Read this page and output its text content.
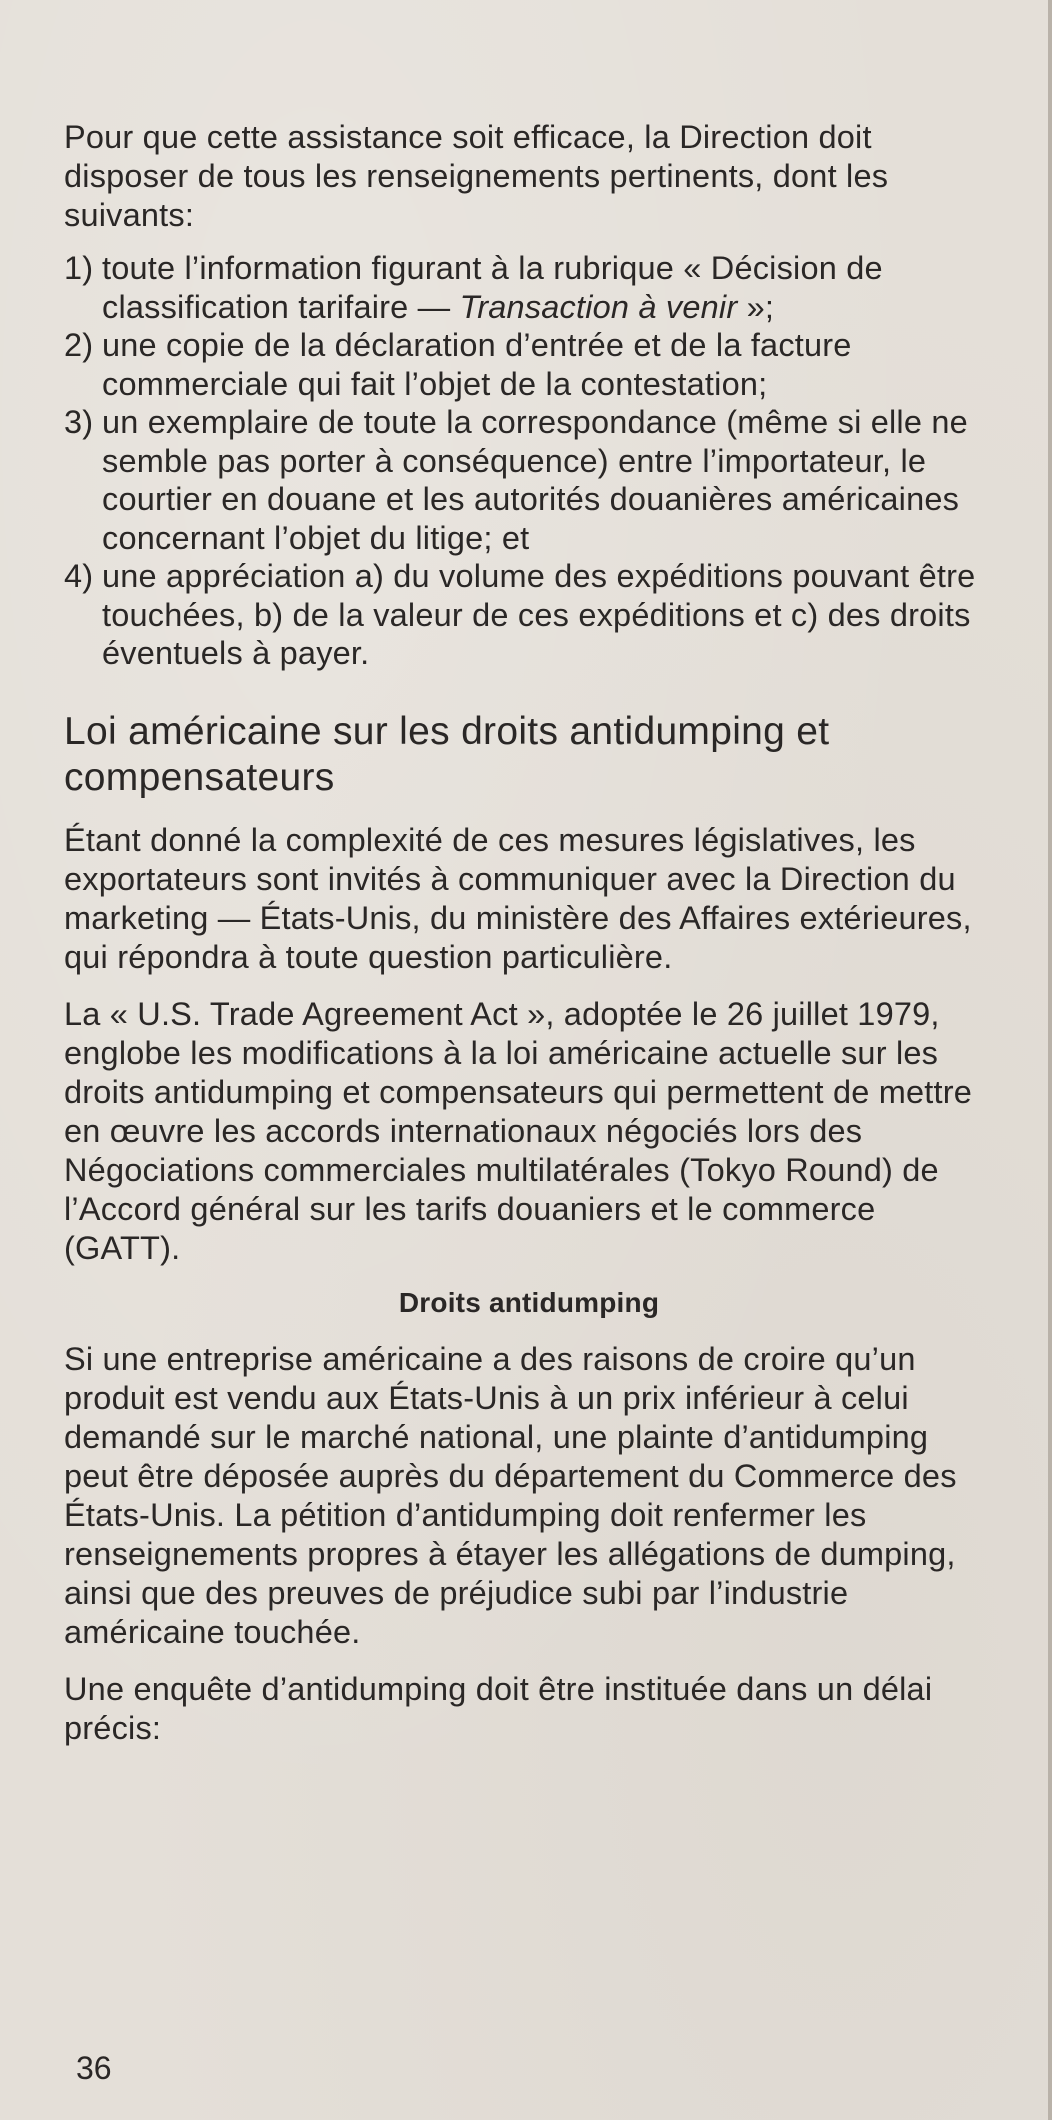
Pour que cette assistance soit efficace, la Direction doit disposer de tous les renseignements pertinents, dont les suivants:

1) toute l’information figurant à la rubrique « Décision de classification tarifaire — Transaction à venir »;
2) une copie de la déclaration d’entrée et de la facture commerciale qui fait l’objet de la contestation;
3) un exemplaire de toute la correspondance (même si elle ne semble pas porter à conséquence) entre l’importateur, le courtier en douane et les autorités douanières américaines concernant l’objet du litige; et
4) une appréciation a) du volume des expéditions pouvant être touchées, b) de la valeur de ces expéditions et c) des droits éventuels à payer.
Loi américaine sur les droits antidumping et compensateurs

Étant donné la complexité de ces mesures législatives, les exportateurs sont invités à communiquer avec la Direction du marketing — États-Unis, du ministère des Affaires extérieures, qui répondra à toute question particulière.

La « U.S. Trade Agreement Act », adoptée le 26 juillet 1979, englobe les modifications à la loi américaine actuelle sur les droits antidumping et compensateurs qui permettent de mettre en œuvre les accords internationaux négociés lors des Négociations commerciales multilatérales (Tokyo Round) de l’Accord général sur les tarifs douaniers et le commerce (GATT).

Droits antidumping

Si une entreprise américaine a des raisons de croire qu’un produit est vendu aux États-Unis à un prix inférieur à celui demandé sur le marché national, une plainte d’antidumping peut être déposée auprès du département du Commerce des États-Unis. La pétition d’antidumping doit renfermer les renseignements propres à étayer les allégations de dumping, ainsi que des preuves de préjudice subi par l’industrie américaine touchée.

Une enquête d’antidumping doit être instituée dans un délai précis:

36
